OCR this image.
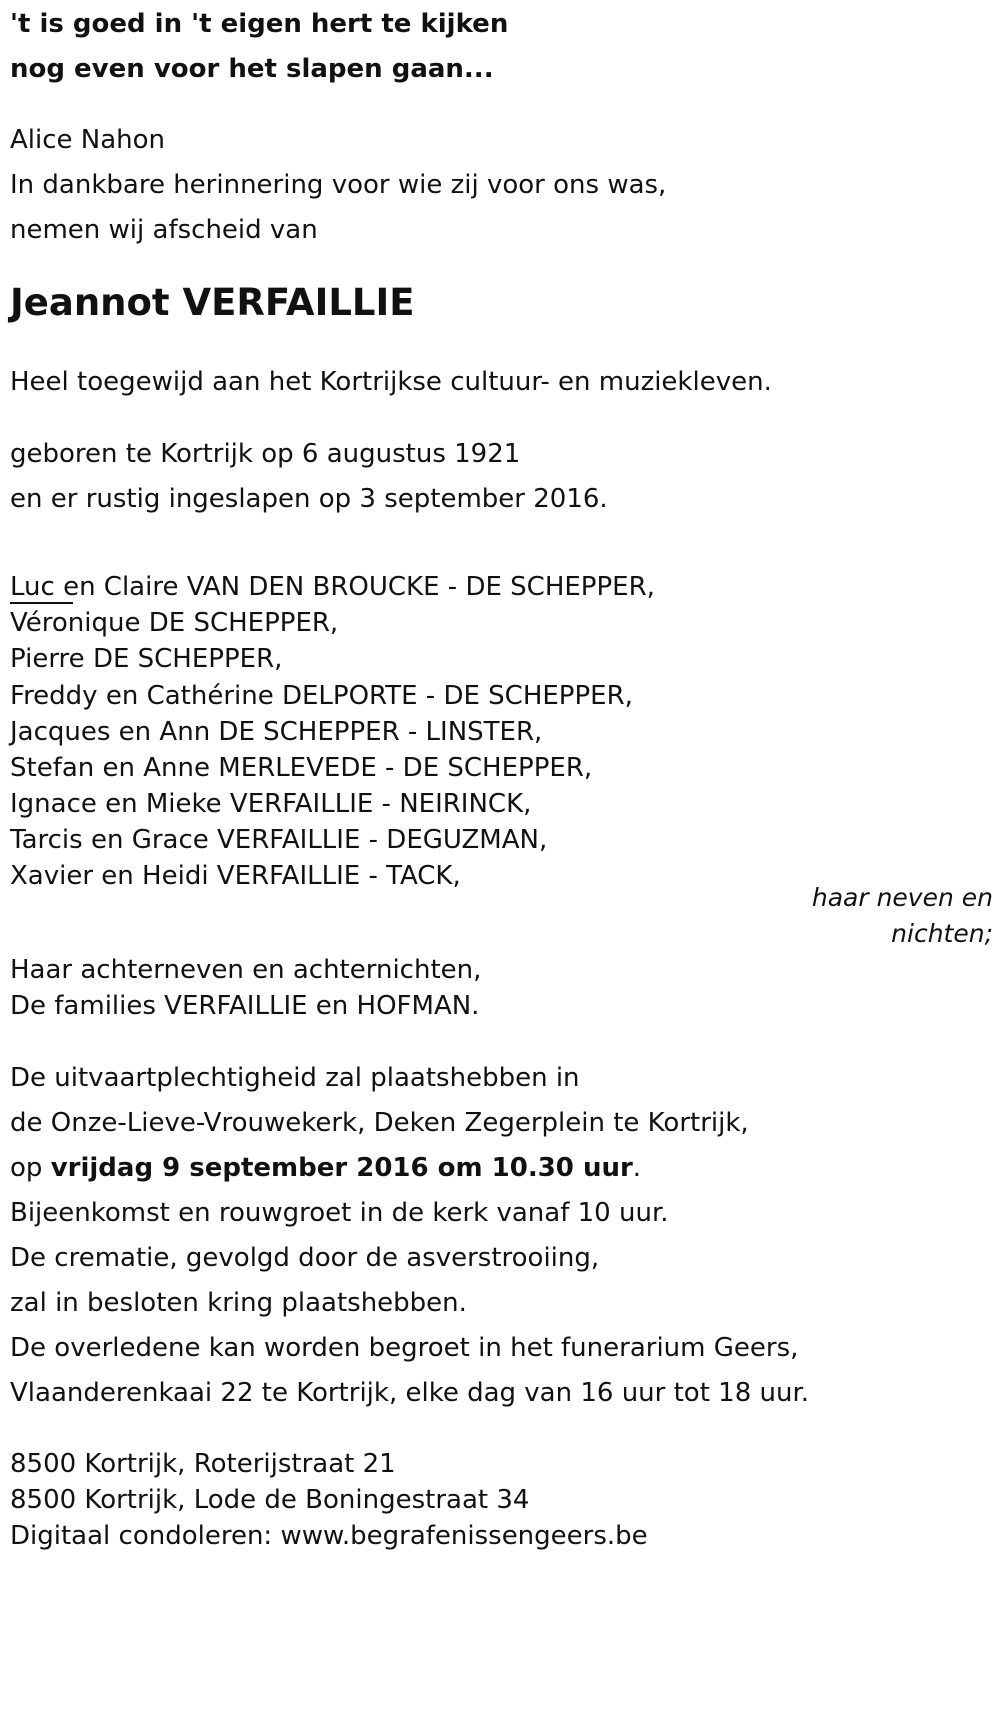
't is goed in 't eigen hert te kijken
nog even voor het slapen gaan...
Alice Nahon
In dankbare herinnering voor wie zij voor ons was,
nemen wij afscheid van
Jeannot VERFAILLIE
Heel toegewijd aan het Kortrijkse cultuur- en muziekleven.
geboren te Kortrijk op 6 augustus 1921
en er rustig ingeslapen op 3 september 2016.
Luc en Claire VAN DEN BROUCKE - DE SCHEPPER,
Véronique DE SCHEPPER,
Pierre DE SCHEPPER,
Freddy en Cathérine DELPORTE - DE SCHEPPER,
Jacques en Ann DE SCHEPPER - LINSTER,
Stefan en Anne MERLEVEDE - DE SCHEPPER,
Ignace en Mieke VERFAILLIE - NEIRINCK,
Tarcis en Grace VERFAILLIE - DEGUZMAN,
Xavier en Heidi VERFAILLIE - TACK,
haar neven en
nichten;
Haar achterneven en achternichten,
De families VERFAILLIE en HOFMAN.
De uitvaartplechtigheid zal plaatshebben in
de Onze-Lieve-Vrouwekerk, Deken Zegerplein te Kortrijk,
op vrijdag 9 september 2016 om 10.30 uur.
Bijeenkomst en rouwgroet in de kerk vanaf 10 uur.
De crematie, gevolgd door de asverstrooiing,
zal in besloten kring plaatshebben.
De overledene kan worden begroet in het funerarium Geers,
Vlaanderenkaai 22 te Kortrijk, elke dag van 16 uur tot 18 uur.
8500 Kortrijk, Roterijstraat 21
8500 Kortrijk, Lode de Boningestraat 34
Digitaal condoleren: www.begrafenissengeers.be
